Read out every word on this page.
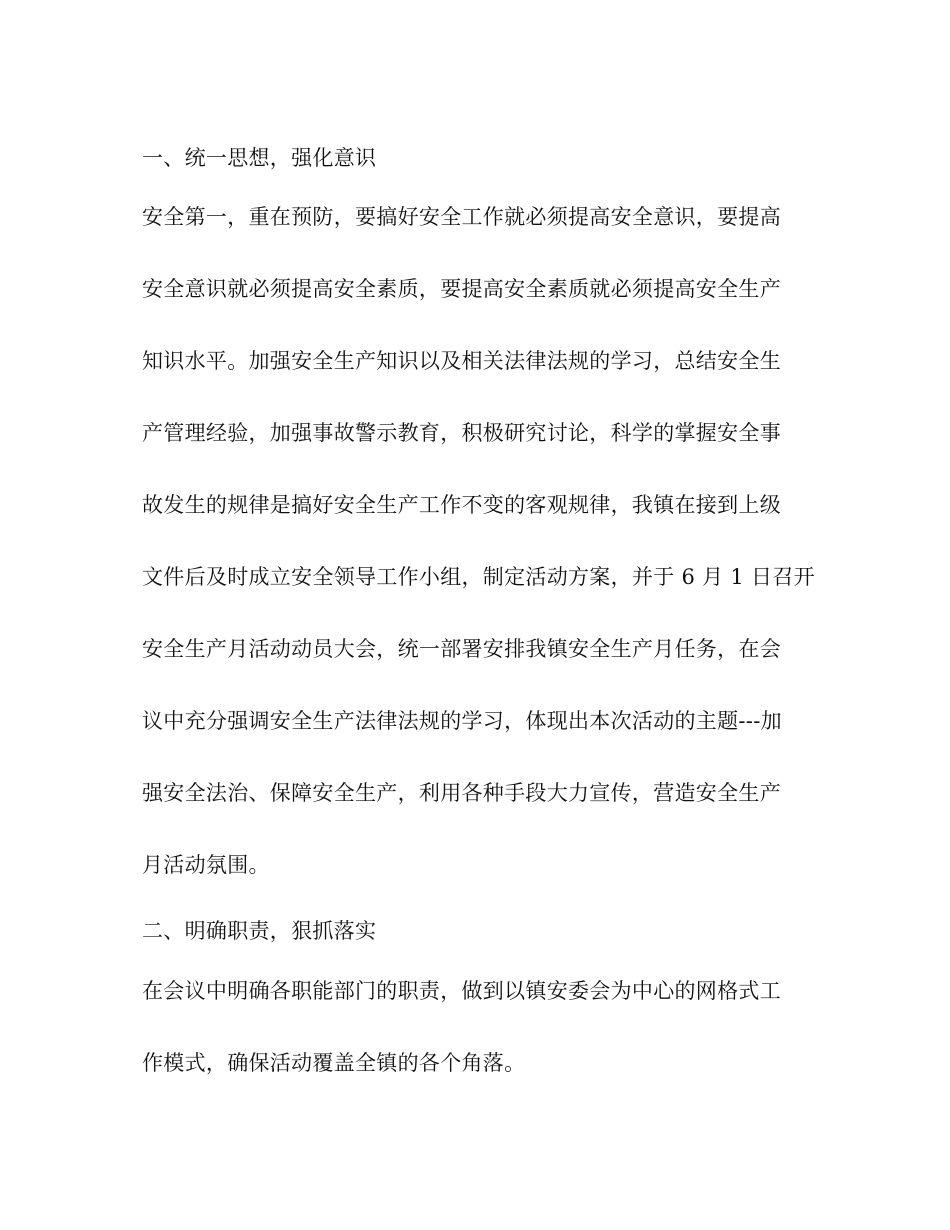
一、统一思想，强化意识
安全第一，重在预防，要搞好安全工作就必须提高安全意识，要提高
安全意识就必须提高安全素质，要提高安全素质就必须提高安全生产
知识水平。加强安全生产知识以及相关法律法规的学习，总结安全生
产管理经验，加强事故警示教育，积极研究讨论，科学的掌握安全事
故发生的规律是搞好安全生产工作不变的客观规律，我镇在接到上级
文件后及时成立安全领导工作小组，制定活动方案，并于 6 月 1 日召开
安全生产月活动动员大会，统一部署安排我镇安全生产月任务，在会
议中充分强调安全生产法律法规的学习，体现出本次活动的主题---加
强安全法治、保障安全生产，利用各种手段大力宣传，营造安全生产
月活动氛围。
二、明确职责，狠抓落实
在会议中明确各职能部门的职责，做到以镇安委会为中心的网格式工
作模式，确保活动覆盖全镇的各个角落。
